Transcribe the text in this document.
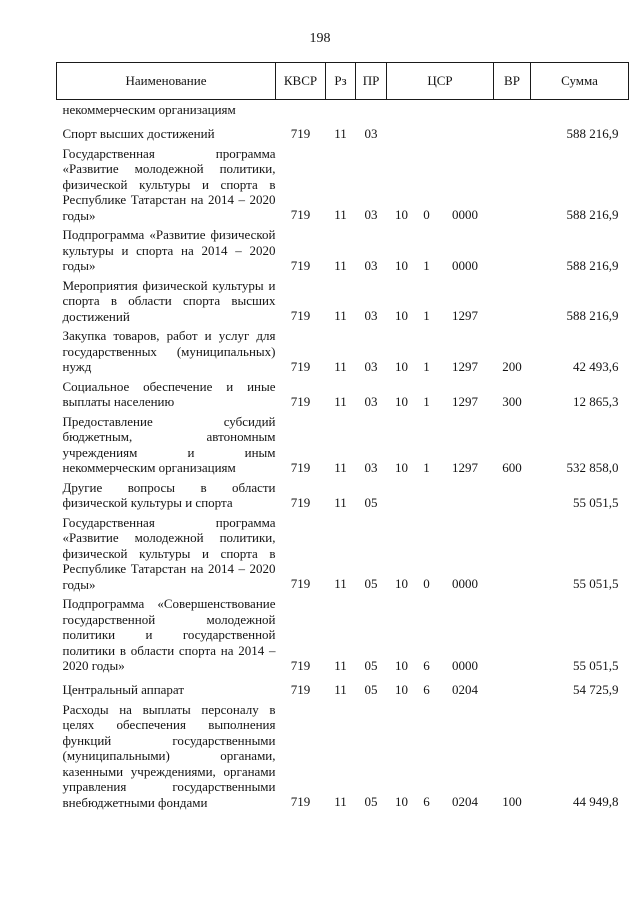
198
Наименование	КВСР	Рз	ПР	ЦСР			ВР	Сумма
некоммерческим организациям								
Спорт высших достижений	719	11	03					588 216,9
Государственная программа «Развитие молодежной политики, физической культуры и спорта в Республике Татарстан на 2014 – 2020 годы»	719	11	03	10	0	0000		588 216,9
Подпрограмма «Развитие физической культуры и спорта на 2014 – 2020 годы»	719	11	03	10	1	0000		588 216,9
Мероприятия физической культуры и спорта в области спорта высших достижений	719	11	03	10	1	1297		588 216,9
Закупка товаров, работ и услуг для государственных (муниципальных) нужд	719	11	03	10	1	1297	200	42 493,6
Социальное обеспечение и иные выплаты населению	719	11	03	10	1	1297	300	12 865,3
Предоставление субсидий бюджетным, автономным учреждениям и иным некоммерческим организациям	719	11	03	10	1	1297	600	532 858,0
Другие вопросы в области физической культуры и спорта	719	11	05					55 051,5
Государственная программа «Развитие молодежной политики, физической культуры и спорта в Республике Татарстан на 2014 – 2020 годы»	719	11	05	10	0	0000		55 051,5
Подпрограмма «Совершенствование государственной молодежной политики и государственной политики в области спорта на 2014 – 2020 годы»	719	11	05	10	6	0000		55 051,5
Центральный аппарат	719	11	05	10	6	0204		54 725,9
Расходы на выплаты персоналу в целях обеспечения выполнения функций государственными (муниципальными) органами, казенными учреждениями, органами управления государственными внебюджетными фондами	719	11	05	10	6	0204	100	44 949,8
